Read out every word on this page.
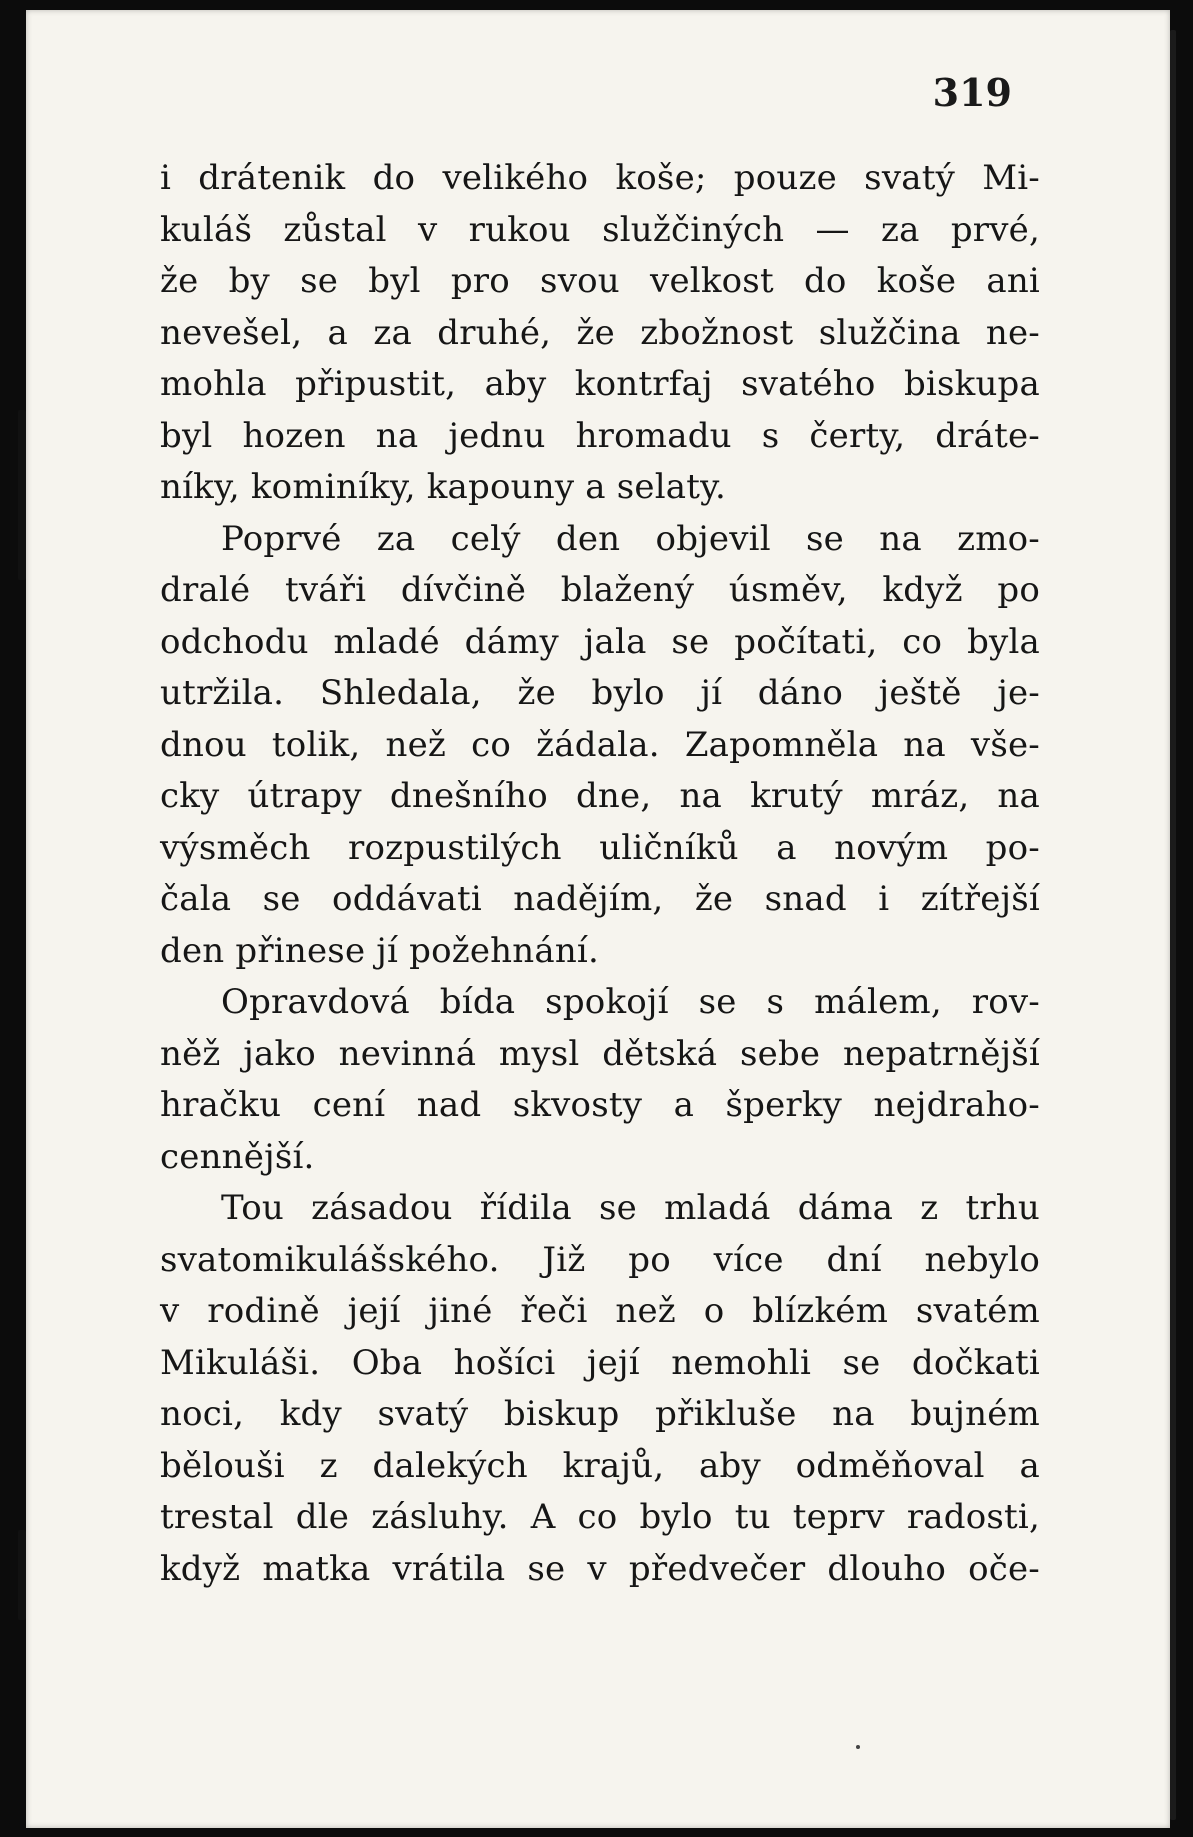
319
i drátenik do velikého koše; pouze svatý Mi-
kuláš zůstal v rukou služčiných — za prvé,
že by se byl pro svou velkost do koše ani
nevešel, a za druhé, že zbožnost služčina ne-
mohla připustit, aby kontrfaj svatého biskupa
byl hozen na jednu hromadu s čerty, dráte-
níky, kominíky, kapouny a selaty.
Poprvé za celý den objevil se na zmo-
dralé tváři dívčině blažený úsměv, když po
odchodu mladé dámy jala se počítati, co byla
utržila. Shledala, že bylo jí dáno ještě je-
dnou tolik, než co žádala. Zapomněla na vše-
cky útrapy dnešního dne, na krutý mráz, na
výsměch rozpustilých uličníků a novým po-
čala se oddávati nadějím, že snad i zítřejší
den přinese jí požehnání.
Opravdová bída spokojí se s málem, rov-
něž jako nevinná mysl dětská sebe nepatrnější
hračku cení nad skvosty a šperky nejdraho-
cennější.
Tou zásadou řídila se mladá dáma z trhu
svatomikulášského. Již po více dní nebylo
v rodině její jiné řeči než o blízkém svatém
Mikuláši. Oba hošíci její nemohli se dočkati
noci, kdy svatý biskup přikluše na bujném
bělouši z dalekých krajů, aby odměňoval a
trestal dle zásluhy. A co bylo tu teprv radosti,
když matka vrátila se v předvečer dlouho oče-
